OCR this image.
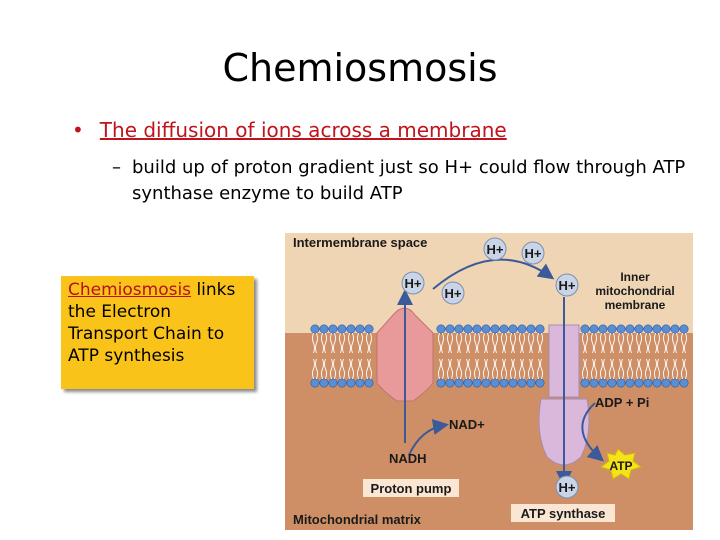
Chemiosmosis
• The diffusion of ions across a membrane
– build up of proton gradient just so H+ could flow through ATP synthase enzyme to build ATP
Chemiosmosis links the Electron Transport Chain to ATP synthesis
H+ H+
H+
H+
H+
H+
Intermembrane space
Inner
mitochondrial
membrane
ADP + Pi
NAD+
NADH	ATP
Proton pump
ATP synthase
Mitochondrial matrix
